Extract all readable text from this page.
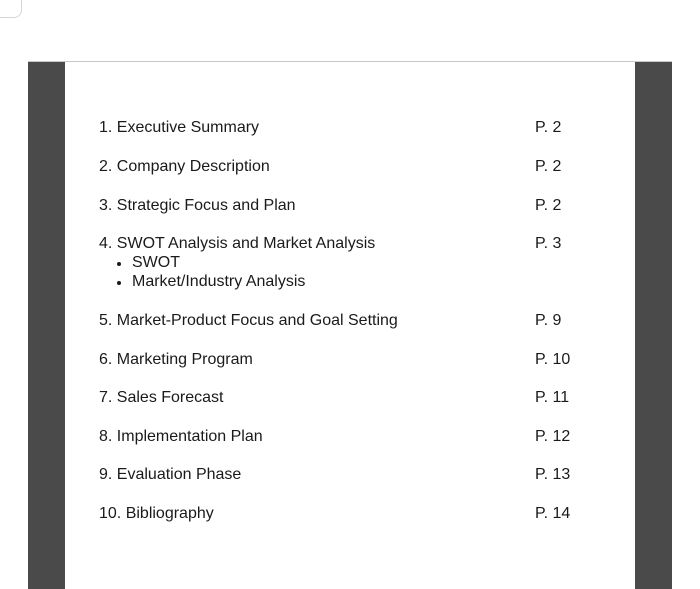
1. Executive Summary	P. 2
2. Company Description	P. 2
3. Strategic Focus and Plan	P. 2
4. SWOT Analysis and Market Analysis	P. 3
SWOT
Market/Industry Analysis
5. Market-Product Focus and Goal Setting	P. 9
6. Marketing Program	P. 10
7. Sales Forecast	P. 11
8. Implementation Plan	P. 12
9. Evaluation Phase	P. 13
10. Bibliography	P. 14
